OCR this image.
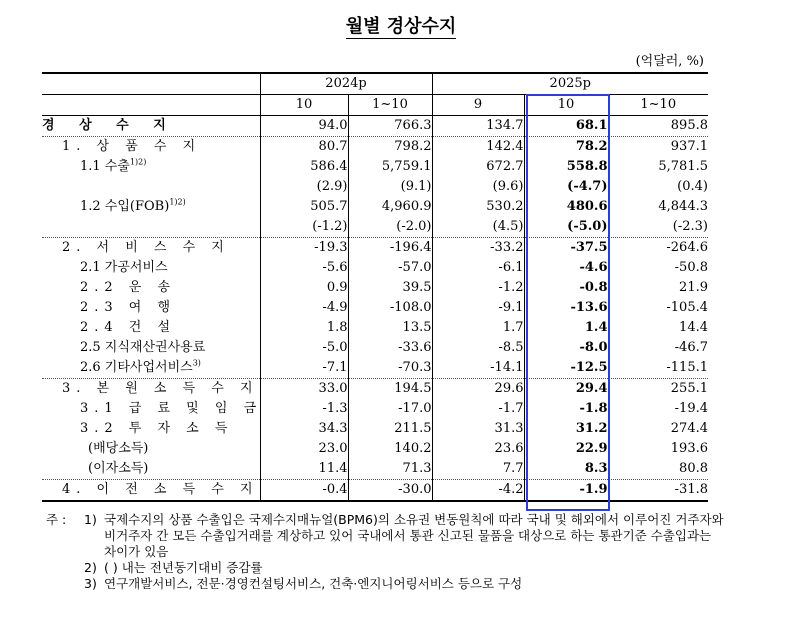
월별 경상수지
(억달러, %)
	2024p		2025p		
	10	1~10	9	10	1~10
경 상 수 지	94.0	766.3	134.7	68.1	895.8
1. 상 품 수 지	80.7	798.2	142.4	78.2	937.1
1.1 수출$^{1)2)}$	586.4	5,759.1	672.7	558.8	5,781.5
	(2.9)	(9.1)	(9.6)	(-4.7)	(0.4)
1.2 수입(FOB)$^{1)2)}$	505.7	4,960.9	530.2	480.6	4,844.3
	(-1.2)	(-2.0)	(4.5)	(-5.0)	(-2.3)
2. 서 비 스 수 지	-19.3	-196.4	-33.2	-37.5	-264.6
2.1 가공서비스	-5.6	-57.0	-6.1	-4.6	-50.8
2.2 운 송	0.9	39.5	-1.2	-0.8	21.9
2.3 여 행	-4.9	-108.0	-9.1	-13.6	-105.4
2.4 건 설	1.8	13.5	1.7	1.4	14.4
2.5 지식재산권사용료	-5.0	-33.6	-8.5	-8.0	-46.7
2.6 기타사업서비스$^{3)}$	-7.1	-70.3	-14.1	-12.5	-115.1
3. 본 원 소 득 수 지	33.0	194.5	29.6	29.4	255.1
3.1 급 료 및 임 금	-1.3	-17.0	-1.7	-1.8	-19.4
3.2 투 자 소 득	34.3	211.5	31.3	31.2	274.4
(배당소득)	23.0	140.2	23.6	22.9	193.6
(이자소득)	11.4	71.3	7.7	8.3	80.8
4. 이 전 소 득 수 지	-0.4	-30.0	-4.2	-1.9	-31.8
주 : 1) 국제수지의 상품 수출입은 국제수지매뉴얼(BPM6)의 소유권 변동원칙에 따라 국내 및 해외에서 이루어진 거주자와 비거주자 간 모든 수출입거래를 계상하고 있어 국내에서 통관 신고된 물품을 대상으로 하는 통관기준 수출입과는 차이가 있음
2) ( ) 내는 전년동기대비 증감률
3) 연구개발서비스, 전문·경영컨설팅서비스, 건축·엔지니어링서비스 등으로 구성
